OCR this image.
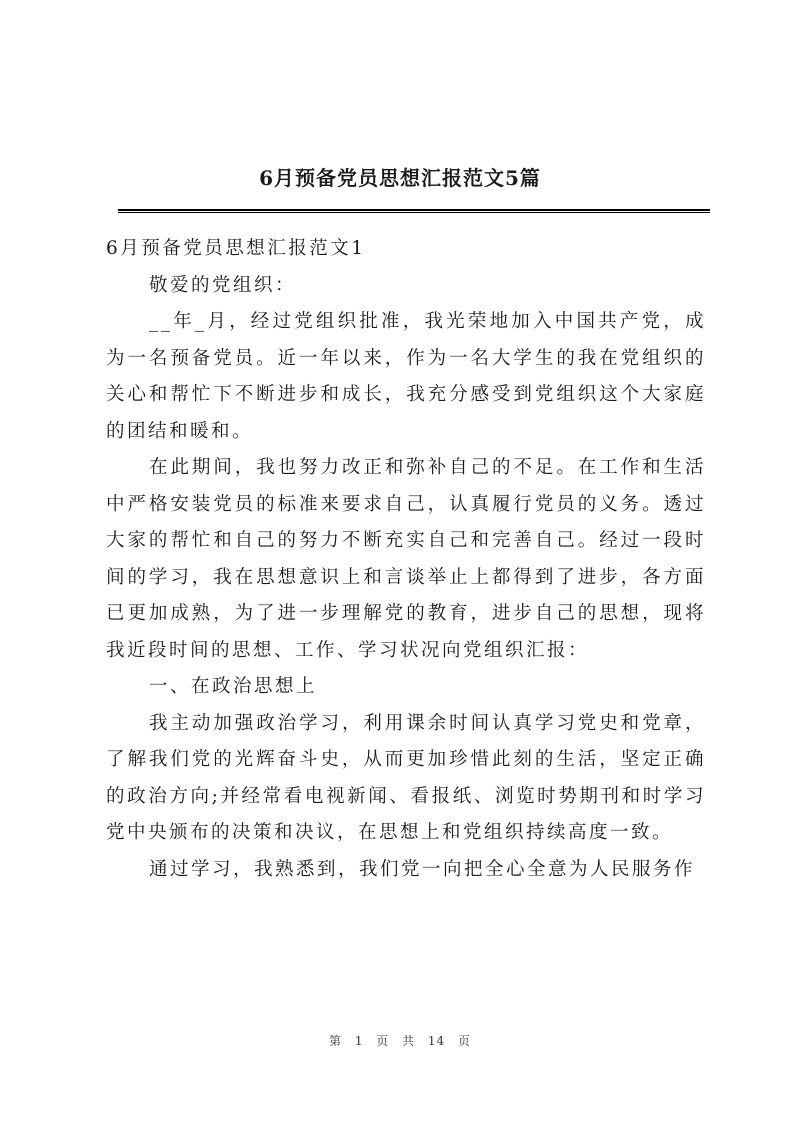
6月预备党员思想汇报范文5篇

6月预备党员思想汇报范文1

敬爱的党组织：

__年_月，经过党组织批准，我光荣地加入中国共产党，成为一名预备党员。近一年以来，作为一名大学生的我在党组织的关心和帮忙下不断进步和成长，我充分感受到党组织这个大家庭的团结和暖和。

在此期间，我也努力改正和弥补自己的不足。在工作和生活中严格安装党员的标准来要求自己，认真履行党员的义务。透过大家的帮忙和自己的努力不断充实自己和完善自己。经过一段时间的学习，我在思想意识上和言谈举止上都得到了进步，各方面已更加成熟，为了进一步理解党的教育，进步自己的思想，现将我近段时间的思想、工作、学习状况向党组织汇报：

一、在政治思想上

我主动加强政治学习，利用课余时间认真学习党史和党章，了解我们党的光辉奋斗史，从而更加珍惜此刻的生活，坚定正确的政治方向;并经常看电视新闻、看报纸、浏览时势期刊和时学习党中央颁布的决策和决议，在思想上和党组织持续高度一致。

通过学习，我熟悉到，我们党一向把全心全意为人民服务作

第 1 页 共 14 页
